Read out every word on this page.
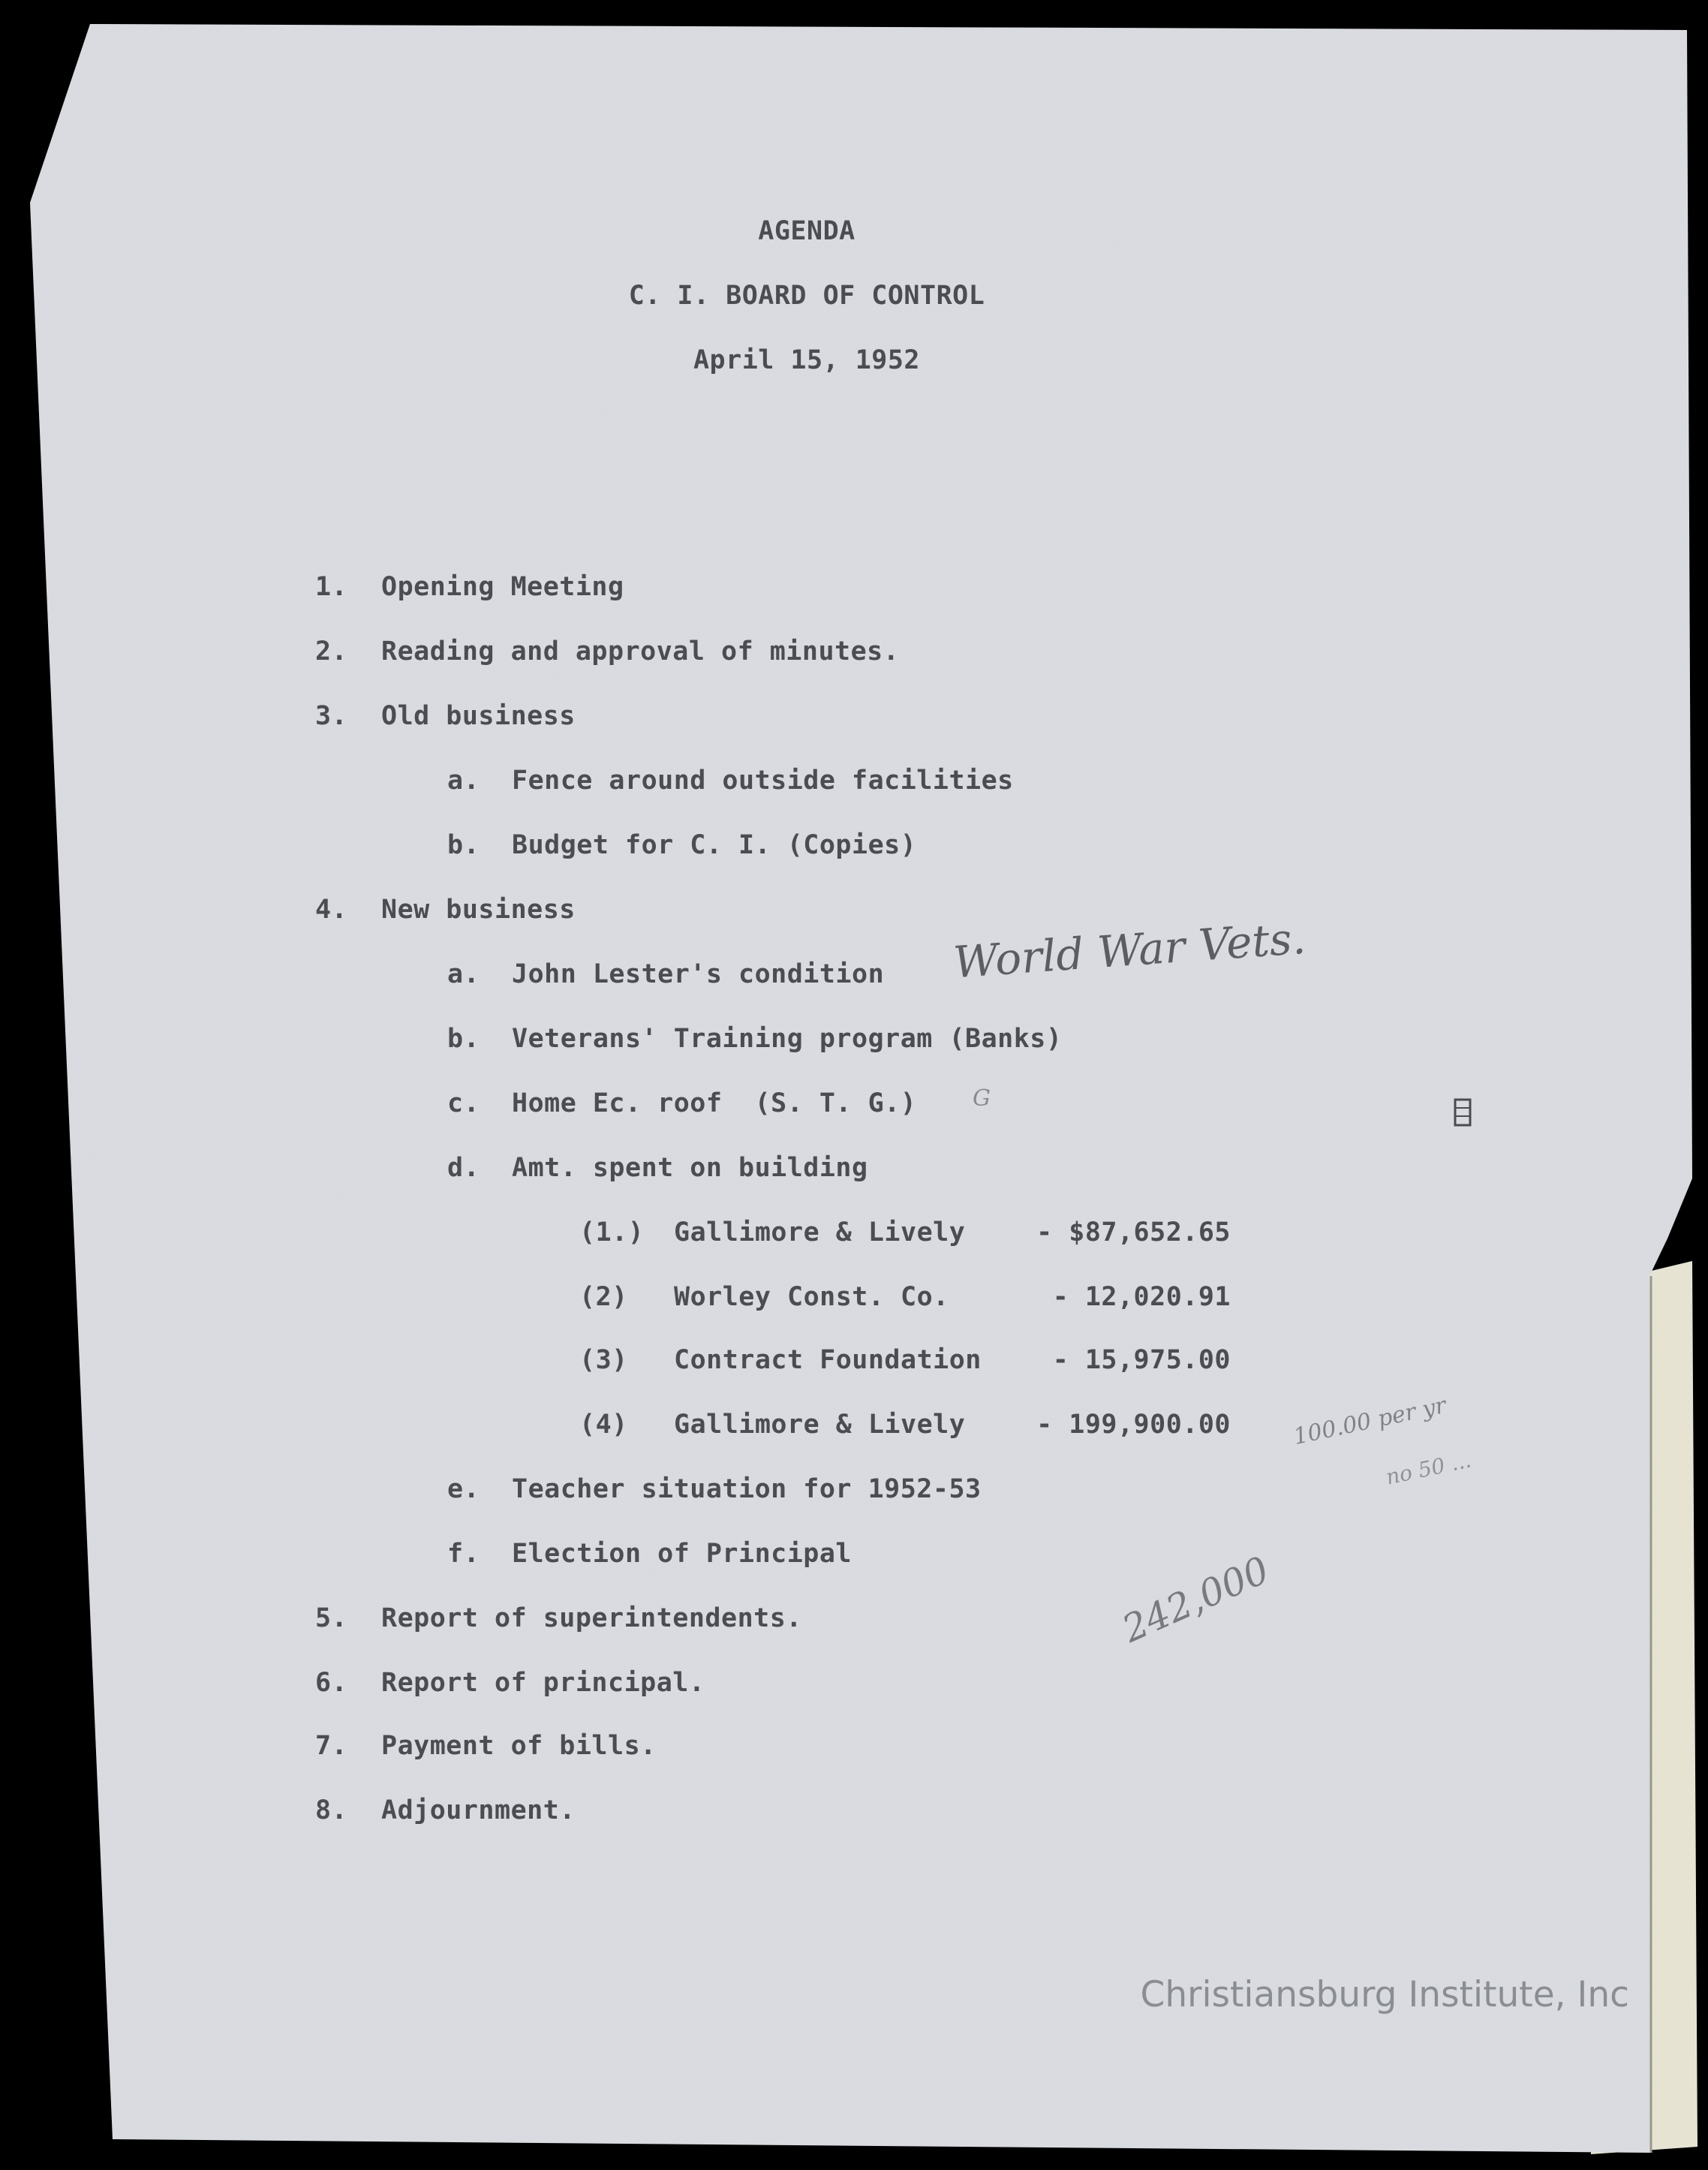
AGENDA
C. I. BOARD OF CONTROL
April 15, 1952
1. Opening Meeting
2. Reading and approval of minutes.
3. Old business
a. Fence around outside facilities
b. Budget for C. I. (Copies)
4. New business
a. John Lester's condition
b. Veterans' Training program (Banks)
c. Home Ec. roof  (S. T. G.)
d. Amt. spent on building
(1.) Gallimore & Lively	- $87,652.65
(2) Worley Const. Co.	- 12,020.91
(3) Contract Foundation	- 15,975.00
(4) Gallimore & Lively	- 199,900.00
e. Teacher situation for 1952-53
f. Election of Principal
5. Report of superintendents.
6. Report of principal.
7. Payment of bills.
8. Adjournment.
World War Vets.
G
100.00 per yr
no 50 ...
242,000
Christiansburg Institute, Inc
